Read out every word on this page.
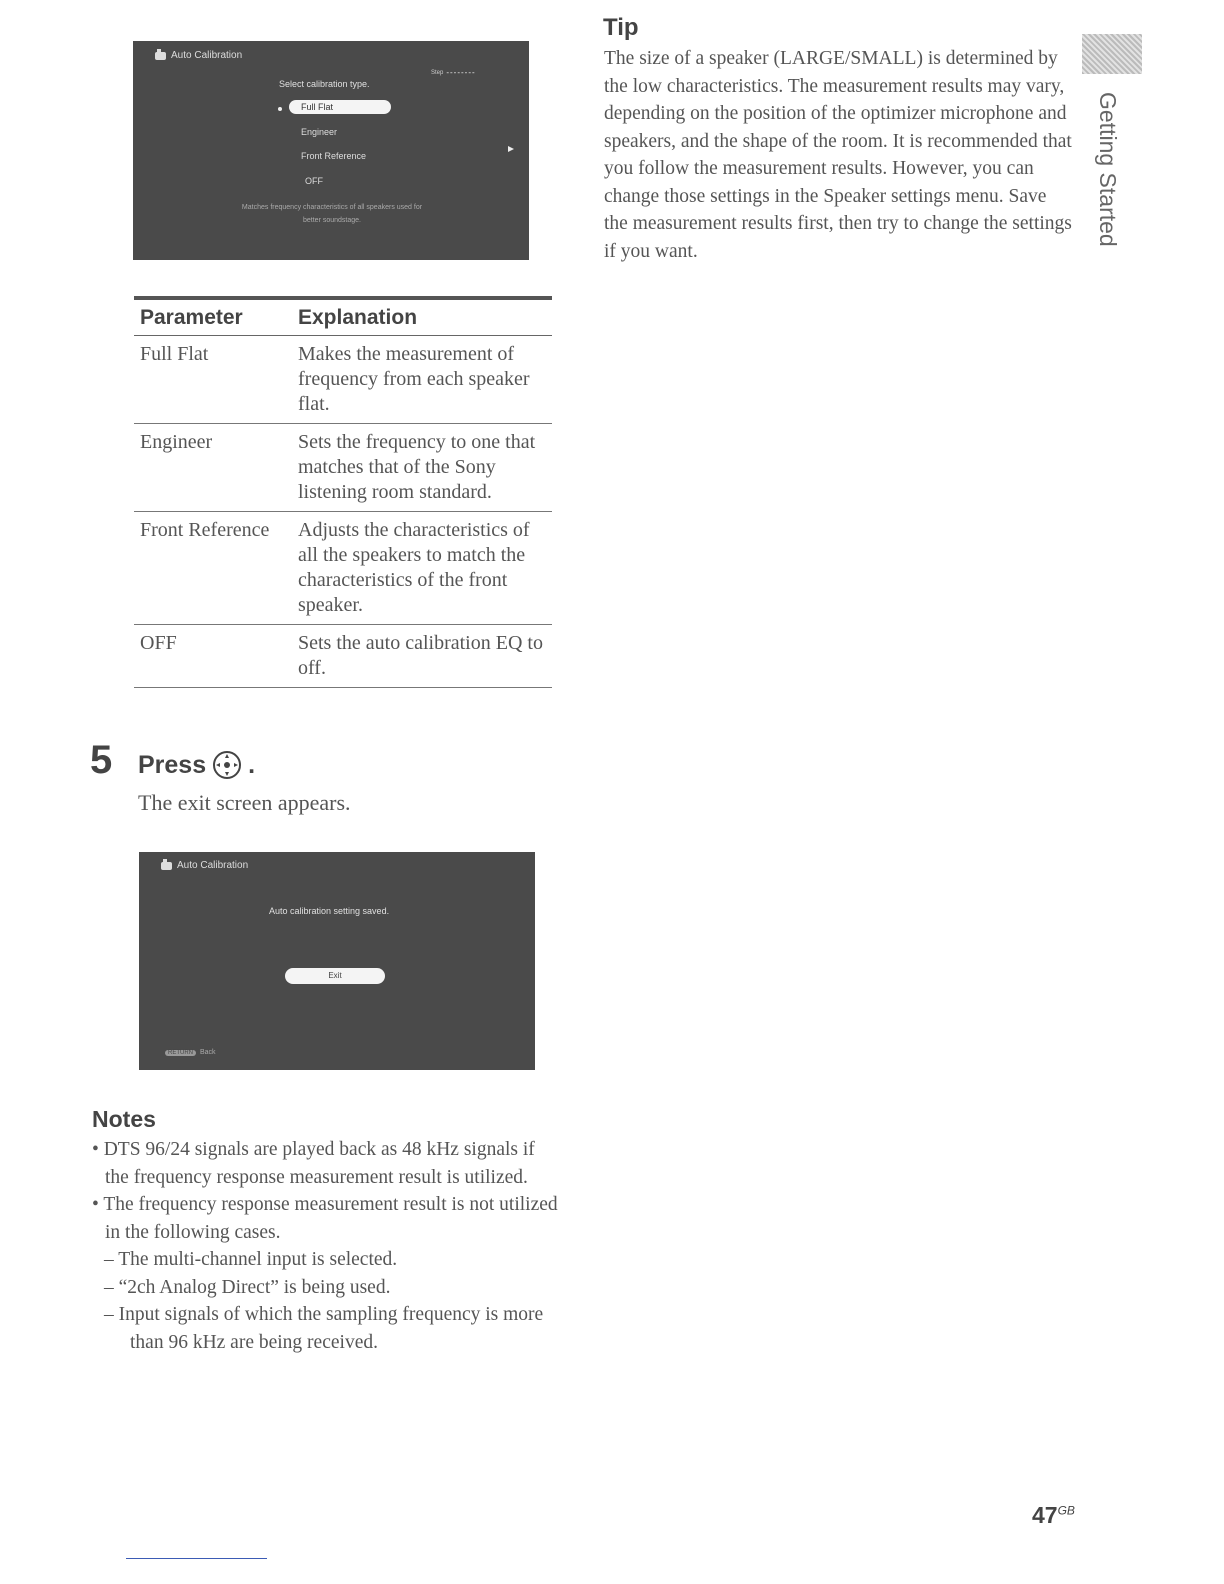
Auto Calibration
Select calibration type.
Step --------
Full Flat
Engineer
Front Reference
OFF
Matches frequency characteristics of all speakers used for better soundstage.
Parameter	Explanation
Full Flat	Makes the measurement of frequency from each speaker flat.
Engineer	Sets the frequency to one that matches that of the Sony listening room standard.
Front Reference	Adjusts the characteristics of all the speakers to match the characteristics of the front speaker.
OFF	Sets the auto calibration EQ to off.
5 Press .
The exit screen appears.
Auto Calibration
Auto calibration setting saved.
Exit
RETURN	Back
Notes
• DTS 96/24 signals are played back as 48 kHz signals if the frequency response measurement result is utilized.
• The frequency response measurement result is not utilized in the following cases.
– The multi-channel input is selected.
– “2ch Analog Direct” is being used.
– Input signals of which the sampling frequency is more than 96 kHz are being received.
Tip
The size of a speaker (LARGE/SMALL) is determined by the low characteristics. The measurement results may vary, depending on the position of the optimizer microphone and speakers, and the shape of the room. It is recommended that you follow the measurement results. However, you can change those settings in the Speaker settings menu. Save the measurement results first, then try to change the settings if you want.
Getting Started
$47^{GB}$
